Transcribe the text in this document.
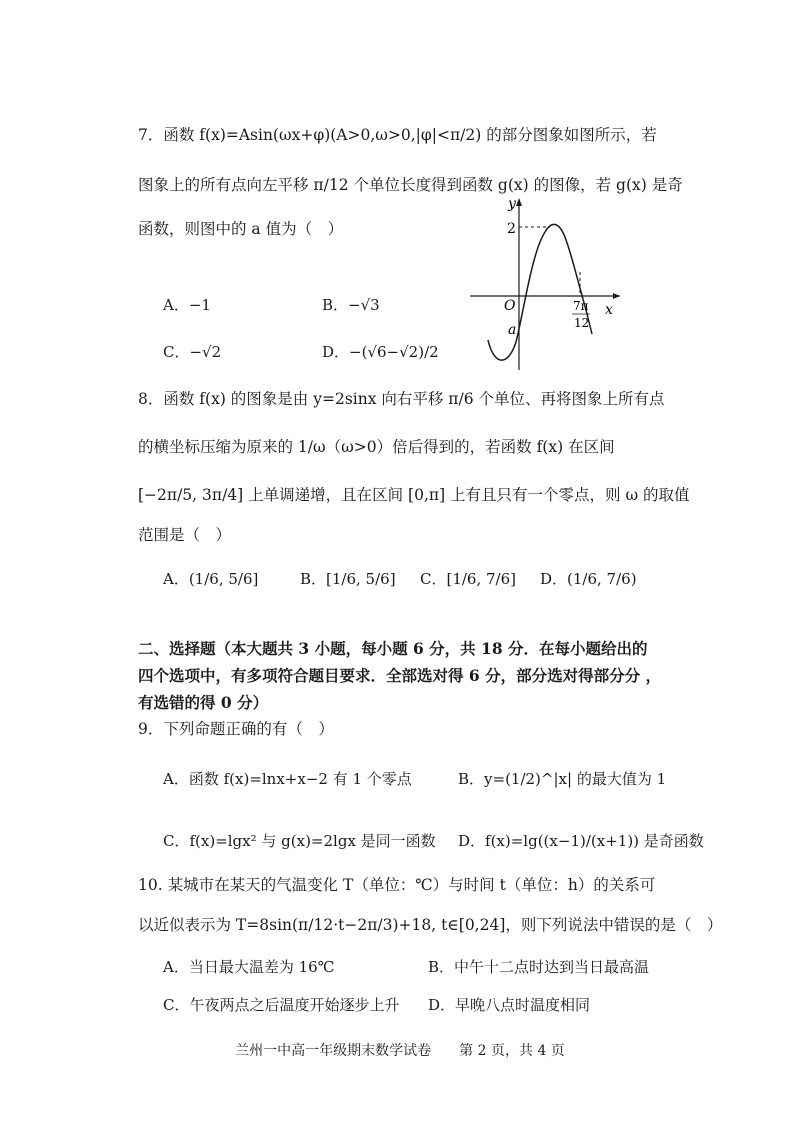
7．函数 f(x)=Asin(ωx+φ)(A>0,ω>0,|φ|<π/2) 的部分图象如图所示，若
图象上的所有点向左平移 π/12 个单位长度得到函数 g(x) 的图像，若 g(x) 是奇
函数，则图中的 a 值为（　）
A．−1	B．−√3
C．−√2	D．−(√6−√2)/2
y
x
O
2
a
7π
12
8．函数 f(x) 的图象是由 y=2sinx 向右平移 π/6 个单位、再将图象上所有点
的横坐标压缩为原来的 1/ω（ω>0）倍后得到的，若函数 f(x) 在区间
[−2π/5, 3π/4] 上单调递增，且在区间 [0,π] 上有且只有一个零点，则 ω 的取值
范围是（　）
A．(1/6, 5/6]	B．[1/6, 5/6] C．[1/6, 7/6] D．(1/6, 7/6)
二、选择题（本大题共 3 小题，每小题 6 分，共 18 分．在每小题给出的
四个选项中，有多项符合题目要求．全部选对得 6 分，部分选对得部分分 ，
有选错的得 0 分）
9．下列命题正确的有（　）
A．函数 f(x)=lnx+x−2 有 1 个零点	B．y=(1/2)^|x| 的最大值为 1
C．f(x)=lgx² 与 g(x)=2lgx 是同一函数 D．f(x)=lg((x−1)/(x+1)) 是奇函数
10. 某城市在某天的气温变化 T（单位：℃）与时间 t（单位：h）的关系可
以近似表示为 T=8sin(π/12·t−2π/3)+18, t∈[0,24]，则下列说法中错误的是（　）
A．当日最大温差为 16℃	B．中午十二点时达到当日最高温
C．午夜两点之后温度开始逐步上升 D．早晚八点时温度相同
兰州一中高一年级期末数学试卷　　第 2 页，共 4 页
